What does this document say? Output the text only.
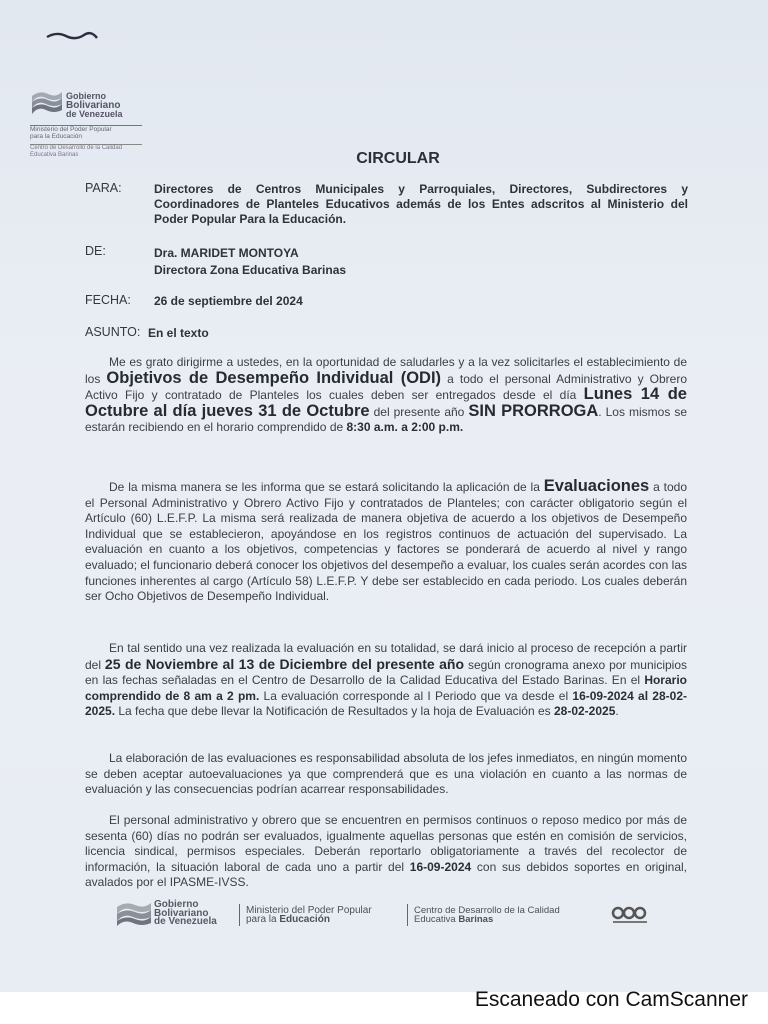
Gobierno
Bolivariano
de Venezuela
Ministerio del Poder Popular
para la Educación
Centro de Desarrollo de la Calidad
Educativa Barinas	CIRCULAR
PARA:	Directores de Centros Municipales y Parroquiales, Directores, Subdirectores y Coordinadores de Planteles Educativos además de los Entes adscritos al Ministerio del Poder Popular Para la Educación.
DE:	Dra. MARIDET MONTOYA
Directora Zona Educativa Barinas
FECHA: 26 de septiembre del 2024
ASUNTO: En el texto
Me es grato dirigirme a ustedes, en la oportunidad de saludarles y a la vez solicitarles el establecimiento de los Objetivos de Desempeño Individual (ODI) a todo el personal Administrativo y Obrero Activo Fijo y contratado de Planteles los cuales deben ser entregados desde el día Lunes 14 de Octubre al día jueves 31 de Octubre del presente año SIN PRORROGA. Los mismos se estarán recibiendo en el horario comprendido de 8:30 a.m. a 2:00 p.m.
De la misma manera se les informa que se estará solicitando la aplicación de la Evaluaciones a todo el Personal Administrativo y Obrero Activo Fijo y contratados de Planteles; con carácter obligatorio según el Artículo (60) L.E.F.P. La misma será realizada de manera objetiva de acuerdo a los objetivos de Desempeño Individual que se establecieron, apoyándose en los registros continuos de actuación del supervisado. La evaluación en cuanto a los objetivos, competencias y factores se ponderará de acuerdo al nivel y rango evaluado; el funcionario deberá conocer los objetivos del desempeño a evaluar, los cuales serán acordes con las funciones inherentes al cargo (Artículo 58) L.E.F.P. Y debe ser establecido en cada periodo. Los cuales deberán ser Ocho Objetivos de Desempeño Individual.
En tal sentido una vez realizada la evaluación en su totalidad, se dará inicio al proceso de recepción a partir del 25 de Noviembre al 13 de Diciembre del presente año según cronograma anexo por municipios en las fechas señaladas en el Centro de Desarrollo de la Calidad Educativa del Estado Barinas. En el Horario comprendido de 8 am a 2 pm. La evaluación corresponde al I Periodo que va desde el 16-09-2024 al 28-02-2025. La fecha que debe llevar la Notificación de Resultados y la hoja de Evaluación es 28-02-2025.
La elaboración de las evaluaciones es responsabilidad absoluta de los jefes inmediatos, en ningún momento se deben aceptar autoevaluaciones ya que comprenderá que es una violación en cuanto a las normas de evaluación y las consecuencias podrían acarrear responsabilidades.
El personal administrativo y obrero que se encuentren en permisos continuos o reposo medico por más de sesenta (60) días no podrán ser evaluados, igualmente aquellas personas que estén en comisión de servicios, licencia sindical, permisos especiales. Deberán reportarlo obligatoriamente a través del recolector de información, la situación laboral de cada uno a partir del 16-09-2024 con sus debidos soportes en original, avalados por el IPASME-IVSS.
Gobierno
Bolivariano
de Venezuela
Ministerio del Poder Popular
para la Educación
Centro de Desarrollo de la Calidad
Educativa Barinas
Escaneado con CamScanner
